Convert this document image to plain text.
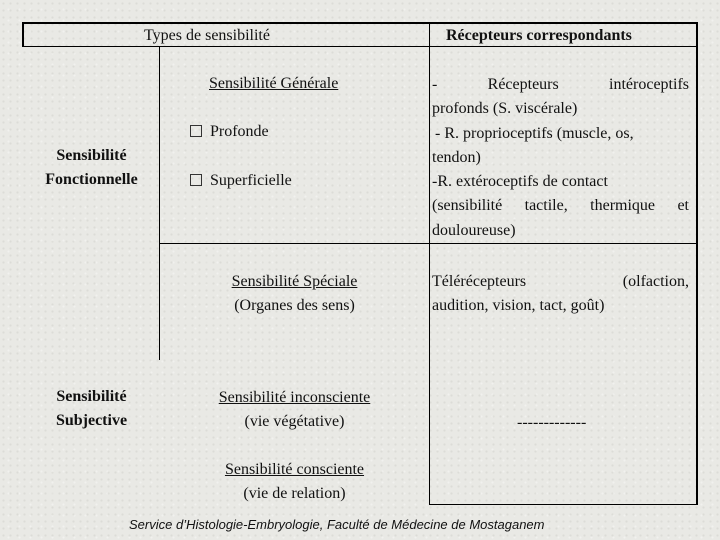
Types de sensibilité	Récepteurs correspondants
Sensibilité
Fonctionnelle
Sensibilité
Subjective
Sensibilité Générale
Profonde
Superficielle
Sensibilité Spéciale
(Organes des sens)
Sensibilité inconsciente
(vie végétative)
Sensibilité consciente
(vie de relation)
- Récepteurs intéroceptifs
profonds (S. viscérale)
- R. proprioceptifs (muscle, os,
tendon)
-R. extéroceptifs de contact
(sensibilité tactile, thermique et
douloureuse)
Télérécepteurs (olfaction,
audition, vision, tact, goût)
-------------
Service d’Histologie-Embryologie, Faculté de Médecine de Mostaganem
